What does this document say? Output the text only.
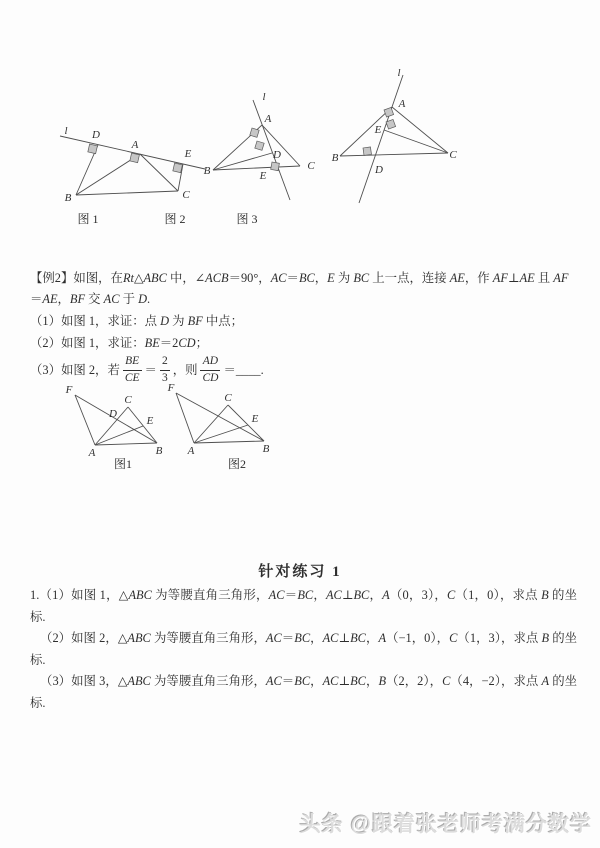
l D
A
E
B	C
图 1
l
A
D
B	C
E
图 2
l
A
E
B	C
D
图 3
F
C
D
E
A	B
图1
F
C
E
A	B
图2

【例2】如图，在Rt△ABC 中，∠ACB＝90°，AC＝BC，E 为 BC 上一点，连接 AE，作 AF⊥AE 且 AF＝AE，BF 交 AC 于 D.

（1）如图 1，求证：点 D 为 BF 中点；

（2）如图 1，求证：BE＝2CD；

（3）如图 2，若 $\frac{BE}{CE} = \frac{2}{3}$ ，则 $\frac{AD}{CD}$ ＝ ____.

针对练习 1

1.（1）如图 1，△ABC 为等腰直角三角形，AC＝BC，AC⊥BC，A（0，3），C（1，0），求点 B 的坐标.

（2）如图 2，△ABC 为等腰直角三角形，AC＝BC，AC⊥BC，A（−1，0），C（1，3），求点 B 的坐标.

（3）如图 3，△ABC 为等腰直角三角形，AC＝BC，AC⊥BC，B（2，2），C（4，−2），求点 A 的坐标.

头条 @跟着张老师考满分数学
